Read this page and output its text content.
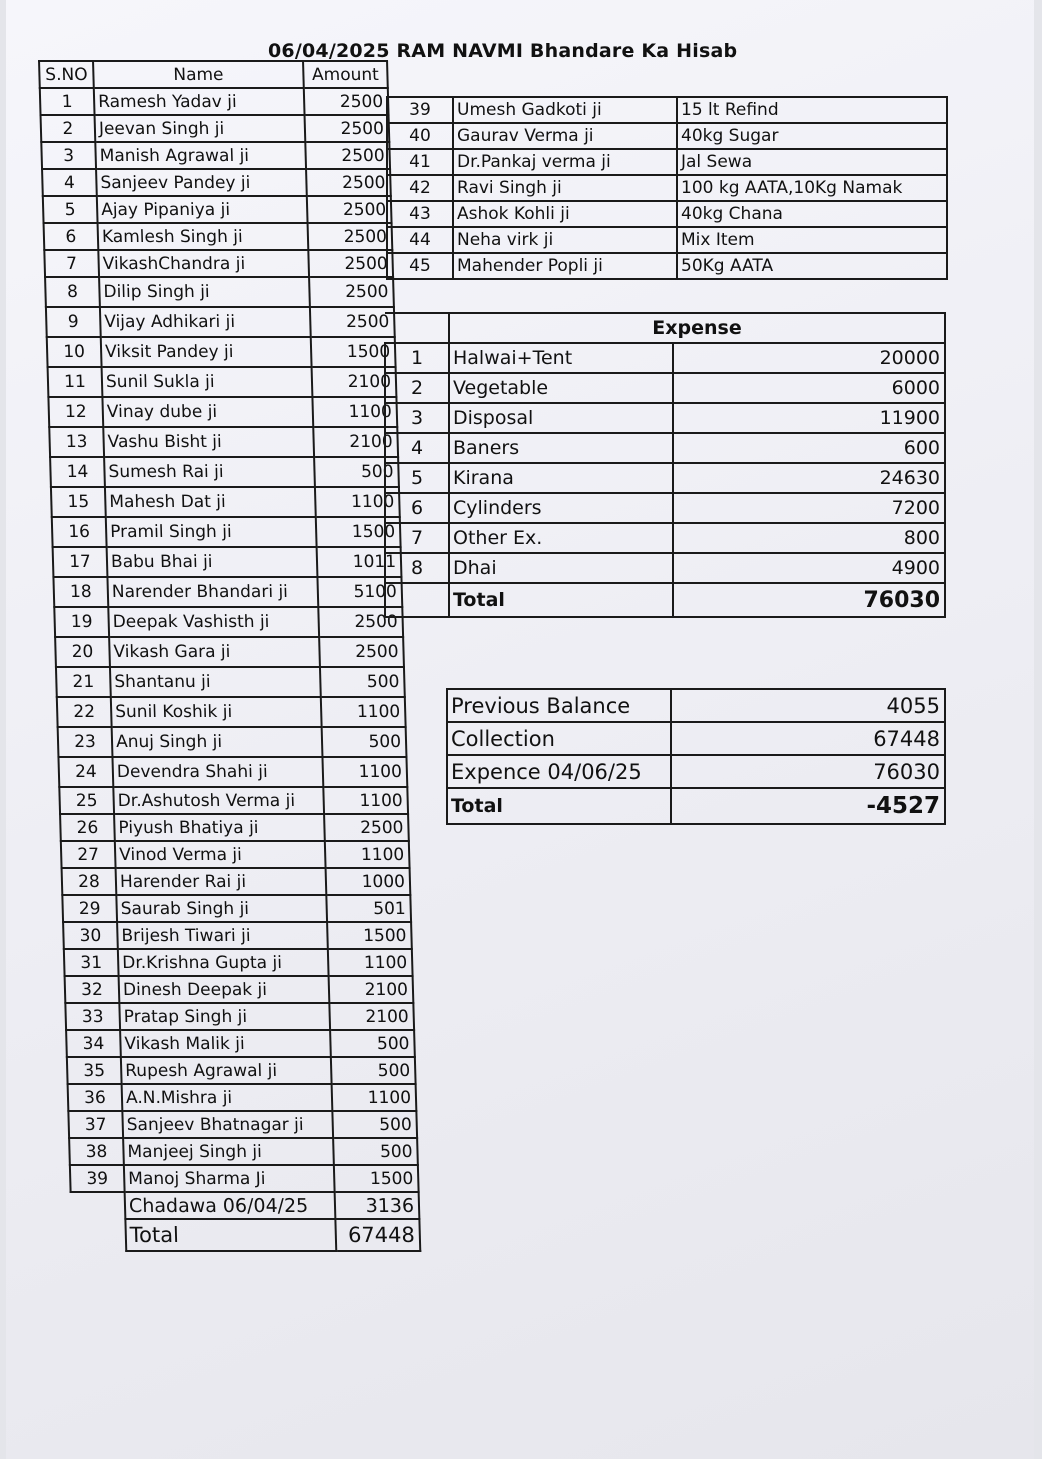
06/04/2025 RAM NAVMI Bhandare Ka Hisab
S.NO	Name	Amount
1	Ramesh Yadav ji	2500
2	Jeevan Singh ji	2500
3	Manish Agrawal ji	2500
4	Sanjeev Pandey ji	2500
5	Ajay Pipaniya ji	2500
6	Kamlesh Singh ji	2500
7	VikashChandra ji	2500
8	Dilip Singh ji	2500
9	Vijay Adhikari ji	2500
10	Viksit Pandey ji	1500
11	Sunil Sukla ji	2100
12	Vinay dube ji	1100
13	Vashu Bisht ji	2100
14	Sumesh Rai ji	500
15	Mahesh Dat ji	1100
16	Pramil Singh ji	1500
17	Babu Bhai ji	1011
18	Narender Bhandari ji	5100
19	Deepak Vashisth ji	2500
20	Vikash Gara ji	2500
21	Shantanu ji	500
22	Sunil Koshik ji	1100
23	Anuj Singh ji	500
24	Devendra Shahi ji	1100
25	Dr.Ashutosh Verma ji	1100
26	Piyush Bhatiya ji	2500
27	Vinod Verma ji	1100
28	Harender Rai ji	1000
29	Saurab Singh ji	501
30	Brijesh Tiwari ji	1500
31	Dr.Krishna Gupta ji	1100
32	Dinesh Deepak ji	2100
33	Pratap Singh ji	2100
34	Vikash Malik ji	500
35	Rupesh Agrawal ji	500
36	A.N.Mishra ji	1100
37	Sanjeev Bhatnagar ji	500
38	Manjeej Singh ji	500
39	Manoj Sharma Ji	1500
	Chadawa 06/04/25	3136
	Total	67448
39	Umesh Gadkoti ji	15 lt Refind
40	Gaurav Verma ji	40kg Sugar
41	Dr.Pankaj verma ji	Jal Sewa
42	Ravi Singh ji	100 kg AATA,10Kg Namak
43	Ashok Kohli ji	40kg Chana
44	Neha virk ji	Mix Item
45	Mahender Popli ji	50Kg AATA
	Expense	
1	Halwai+Tent	20000
2	Vegetable	6000
3	Disposal	11900
4	Baners	600
5	Kirana	24630
6	Cylinders	7200
7	Other Ex.	800
8	Dhai	4900
	Total	76030
Previous Balance	4055
Collection	67448
Expence 04/06/25	76030
Total	-4527
